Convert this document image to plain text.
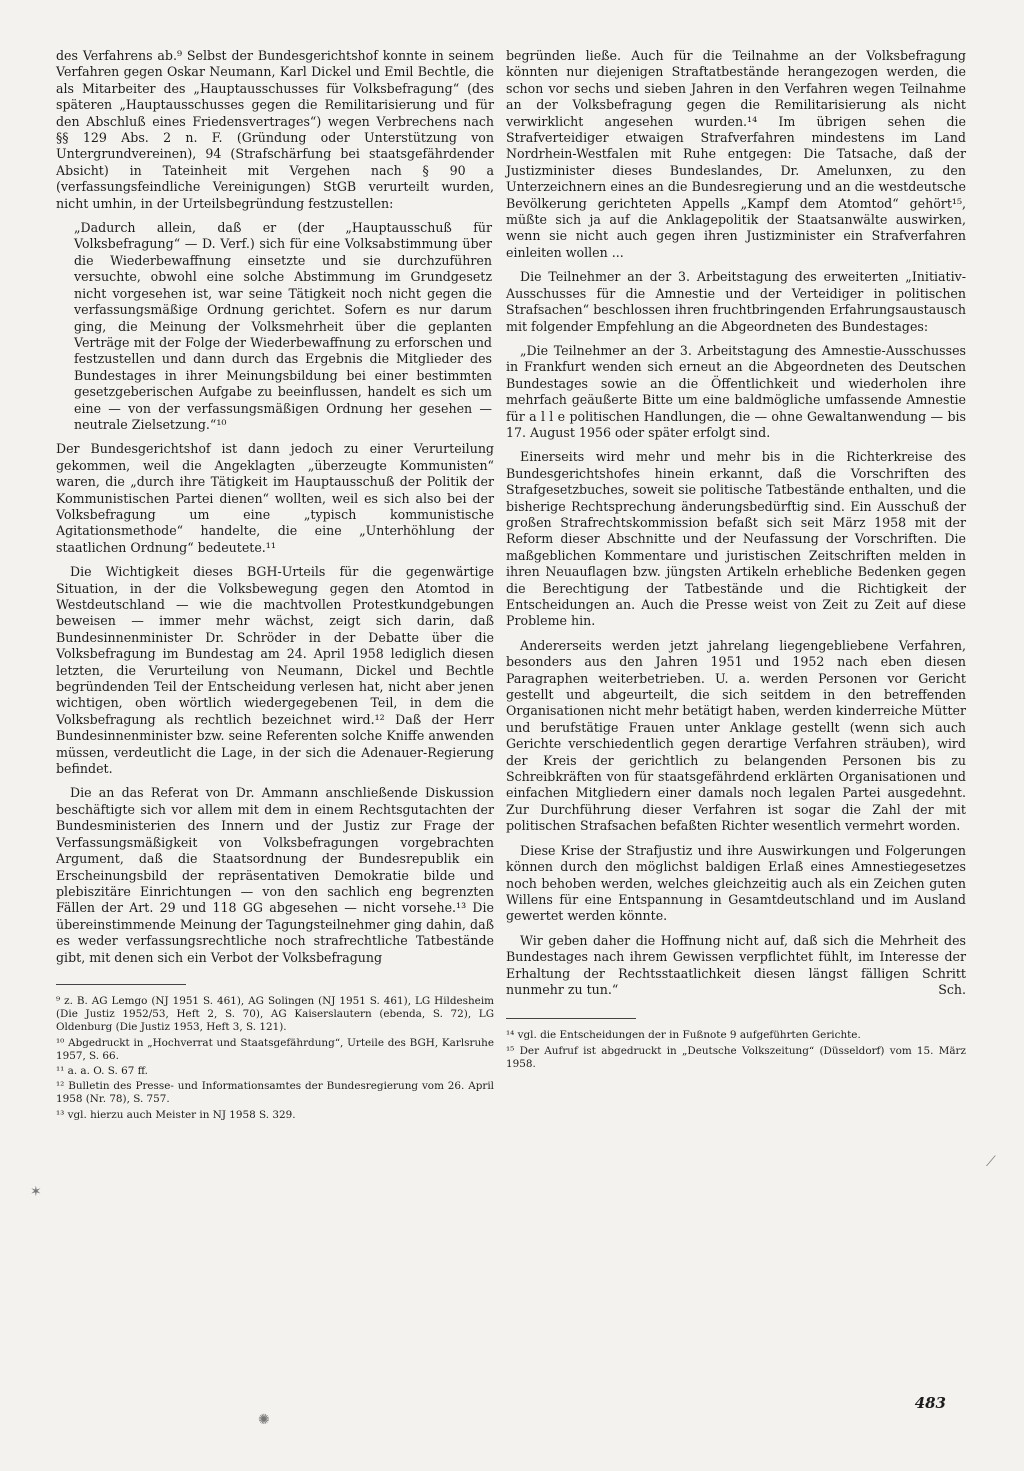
des Verfahrens ab.⁹ Selbst der Bundesgerichtshof konnte in seinem Verfahren gegen Oskar Neumann, Karl Dickel und Emil Bechtle, die als Mitarbeiter des „Hauptausschusses für Volksbefragung“ (des späteren „Hauptausschusses gegen die Remilitarisierung und für den Abschluß eines Friedensvertrages“) wegen Verbrechens nach §§ 129 Abs. 2 n. F. (Gründung oder Unterstützung von Untergrundvereinen), 94 (Strafschärfung bei staatsgefährdender Absicht) in Tateinheit mit Vergehen nach § 90 a (verfassungsfeindliche Vereinigungen) StGB verurteilt wurden, nicht umhin, in der Urteilsbegründung festzustellen:

„Dadurch allein, daß er (der „Hauptausschuß für Volksbefragung“ — D. Verf.) sich für eine Volksabstimmung über die Wiederbewaffnung einsetzte und sie durchzuführen versuchte, obwohl eine solche Abstimmung im Grundgesetz nicht vorgesehen ist, war seine Tätigkeit noch nicht gegen die verfassungsmäßige Ordnung gerichtet. Sofern es nur darum ging, die Meinung der Volksmehrheit über die geplanten Verträge mit der Folge der Wiederbewaffnung zu erforschen und festzustellen und dann durch das Ergebnis die Mitglieder des Bundestages in ihrer Meinungsbildung bei einer bestimmten gesetzgeberischen Aufgabe zu beeinflussen, handelt es sich um eine — von der verfassungsmäßigen Ordnung her gesehen — neutrale Zielsetzung.“¹⁰

Der Bundesgerichtshof ist dann jedoch zu einer Verurteilung gekommen, weil die Angeklagten „überzeugte Kommunisten“ waren, die „durch ihre Tätigkeit im Hauptausschuß der Politik der Kommunistischen Partei dienen“ wollten, weil es sich also bei der Volksbefragung um eine „typisch kommunistische Agitationsmethode“ handelte, die eine „Unterhöhlung der staatlichen Ordnung“ bedeutete.¹¹

Die Wichtigkeit dieses BGH-Urteils für die gegenwärtige Situation, in der die Volksbewegung gegen den Atomtod in Westdeutschland — wie die machtvollen Protestkundgebungen beweisen — immer mehr wächst, zeigt sich darin, daß Bundesinnenminister Dr. Schröder in der Debatte über die Volksbefragung im Bundestag am 24. April 1958 lediglich diesen letzten, die Verurteilung von Neumann, Dickel und Bechtle begründenden Teil der Entscheidung verlesen hat, nicht aber jenen wichtigen, oben wörtlich wiedergegebenen Teil, in dem die Volksbefragung als rechtlich bezeichnet wird.¹² Daß der Herr Bundesinnenminister bzw. seine Referenten solche Kniffe anwenden müssen, verdeutlicht die Lage, in der sich die Adenauer-Regierung befindet.

Die an das Referat von Dr. Ammann anschließende Diskussion beschäftigte sich vor allem mit dem in einem Rechtsgutachten der Bundesministerien des Innern und der Justiz zur Frage der Verfassungsmäßigkeit von Volksbefragungen vorgebrachten Argument, daß die Staatsordnung der Bundesrepublik ein Erscheinungsbild der repräsentativen Demokratie bilde und plebiszitäre Einrichtungen — von den sachlich eng begrenzten Fällen der Art. 29 und 118 GG abgesehen — nicht vorsehe.¹³ Die übereinstimmende Meinung der Tagungsteilnehmer ging dahin, daß es weder verfassungsrechtliche noch strafrechtliche Tatbestände gibt, mit denen sich ein Verbot der Volksbefragung

⁹ z. B. AG Lemgo (NJ 1951 S. 461), AG Solingen (NJ 1951 S. 461), LG Hildesheim (Die Justiz 1952/53, Heft 2, S. 70), AG Kaiserslautern (ebenda, S. 72), LG Oldenburg (Die Justiz 1953, Heft 3, S. 121).

¹⁰ Abgedruckt in „Hochverrat und Staatsgefährdung“, Urteile des BGH, Karlsruhe 1957, S. 66.

¹¹ a. a. O. S. 67 ff.

¹² Bulletin des Presse- und Informationsamtes der Bundesregierung vom 26. April 1958 (Nr. 78), S. 757.

¹³ vgl. hierzu auch Meister in NJ 1958 S. 329.

begründen ließe. Auch für die Teilnahme an der Volksbefragung könnten nur diejenigen Straftatbestände herangezogen werden, die schon vor sechs und sieben Jahren in den Verfahren wegen Teilnahme an der Volksbefragung gegen die Remilitarisierung als nicht verwirklicht angesehen wurden.¹⁴ Im übrigen sehen die Strafverteidiger etwaigen Strafverfahren mindestens im Land Nordrhein-Westfalen mit Ruhe entgegen: Die Tatsache, daß der Justizminister dieses Bundeslandes, Dr. Amelunxen, zu den Unterzeichnern eines an die Bundesregierung und an die westdeutsche Bevölkerung gerichteten Appells „Kampf dem Atomtod“ gehört¹⁵, müßte sich ja auf die Anklagepolitik der Staatsanwälte auswirken, wenn sie nicht auch gegen ihren Justizminister ein Strafverfahren einleiten wollen ...

Die Teilnehmer an der 3. Arbeitstagung des erweiterten „Initiativ-Ausschusses für die Amnestie und der Verteidiger in politischen Strafsachen“ beschlossen ihren fruchtbringenden Erfahrungsaustausch mit folgender Empfehlung an die Abgeordneten des Bundestages:

„Die Teilnehmer an der 3. Arbeitstagung des Amnestie-Ausschusses in Frankfurt wenden sich erneut an die Abgeordneten des Deutschen Bundestages sowie an die Öffentlichkeit und wiederholen ihre mehrfach geäußerte Bitte um eine baldmögliche umfassende Amnestie für a l l e politischen Handlungen, die — ohne Gewaltanwendung — bis 17. August 1956 oder später erfolgt sind.

Einerseits wird mehr und mehr bis in die Richterkreise des Bundesgerichtshofes hinein erkannt, daß die Vorschriften des Strafgesetzbuches, soweit sie politische Tatbestände enthalten, und die bisherige Rechtsprechung änderungsbedürftig sind. Ein Ausschuß der großen Strafrechtskommission befaßt sich seit März 1958 mit der Reform dieser Abschnitte und der Neufassung der Vorschriften. Die maßgeblichen Kommentare und juristischen Zeitschriften melden in ihren Neuauflagen bzw. jüngsten Artikeln erhebliche Bedenken gegen die Berechtigung der Tatbestände und die Richtigkeit der Entscheidungen an. Auch die Presse weist von Zeit zu Zeit auf diese Probleme hin.

Andererseits werden jetzt jahrelang liegengebliebene Verfahren, besonders aus den Jahren 1951 und 1952 nach eben diesen Paragraphen weiterbetrieben. U. a. werden Personen vor Gericht gestellt und abgeurteilt, die sich seitdem in den betreffenden Organisationen nicht mehr betätigt haben, werden kinderreiche Mütter und berufstätige Frauen unter Anklage gestellt (wenn sich auch Gerichte verschiedentlich gegen derartige Verfahren sträuben), wird der Kreis der gerichtlich zu belangenden Personen bis zu Schreibkräften von für staatsgefährdend erklärten Organisationen und einfachen Mitgliedern einer damals noch legalen Partei ausgedehnt. Zur Durchführung dieser Verfahren ist sogar die Zahl der mit politischen Strafsachen befaßten Richter wesentlich vermehrt worden.

Diese Krise der Strafjustiz und ihre Auswirkungen und Folgerungen können durch den möglichst baldigen Erlaß eines Amnestiegesetzes noch behoben werden, welches gleichzeitig auch als ein Zeichen guten Willens für eine Entspannung in Gesamtdeutschland und im Ausland gewertet werden könnte.

Wir geben daher die Hoffnung nicht auf, daß sich die Mehrheit des Bundestages nach ihrem Gewissen verpflichtet fühlt, im Interesse der Erhaltung der Rechtsstaatlichkeit diesen längst fälligen Schritt nunmehr zu tun.“	Sch.

¹⁴ vgl. die Entscheidungen der in Fußnote 9 aufgeführten Gerichte.

¹⁵ Der Aufruf ist abgedruckt in „Deutsche Volkszeitung“ (Düsseldorf) vom 15. März 1958.

483
✶
✺
⟋
